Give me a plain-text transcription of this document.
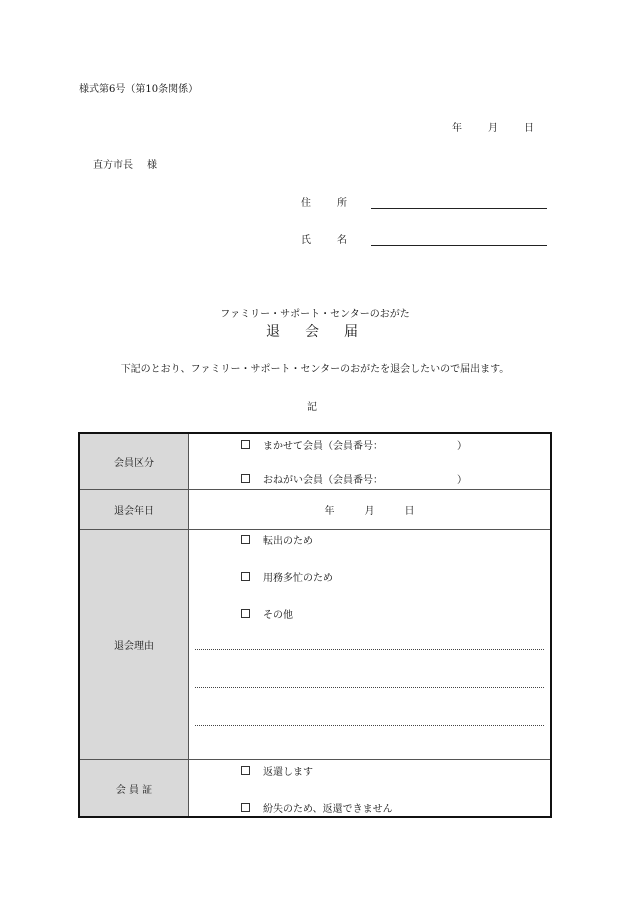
様式第6号（第10条関係）
年	月	日
直方市長 様
住	所
氏	名
ファミリー・サポート・センターのおがた
退 会 届
下記のとおり、ファミリー・サポート・センターのおがたを退会したいので届出ます。
記
会員区分	まかせて会員（会員番号： ）
おねがい会員（会員番号： ）

退会年日	年 月 日

退会理由	転出のため
用務多忙のため
その他

会 員 証	返還します
紛失のため、返還できません
